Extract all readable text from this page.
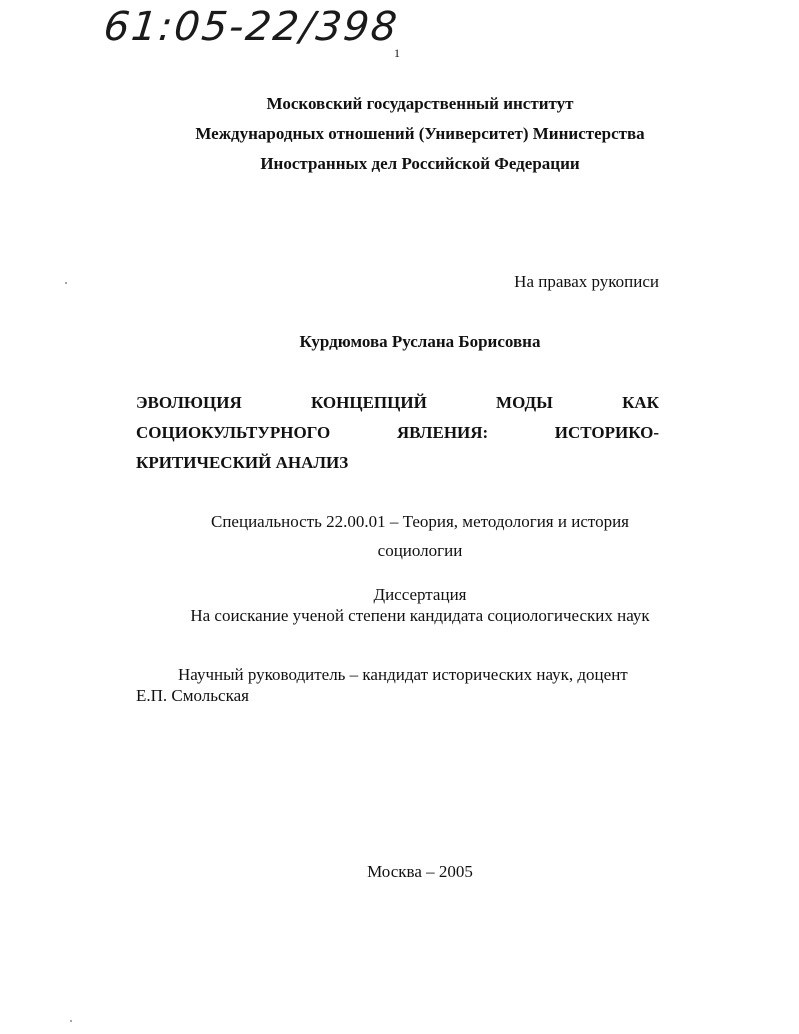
61:05-22/398
1
Московский государственный институт
Международных отношений (Университет) Министерства
Иностранных дел Российской Федерации
На правах рукописи
Курдюмова Руслана Борисовна
ЭВОЛЮЦИЯ	КОНЦЕПЦИЙ	МОДЫ	КАК
СОЦИОКУЛЬТУРНОГО	ЯВЛЕНИЯ:	ИСТОРИКО-
КРИТИЧЕСКИЙ АНАЛИЗ
Специальность 22.00.01 – Теория, методология и история
социологии
Диссертация
На соискание ученой степени кандидата социологических наук
Научный руководитель – кандидат исторических наук, доцент
Е.П. Смольская
Москва – 2005
